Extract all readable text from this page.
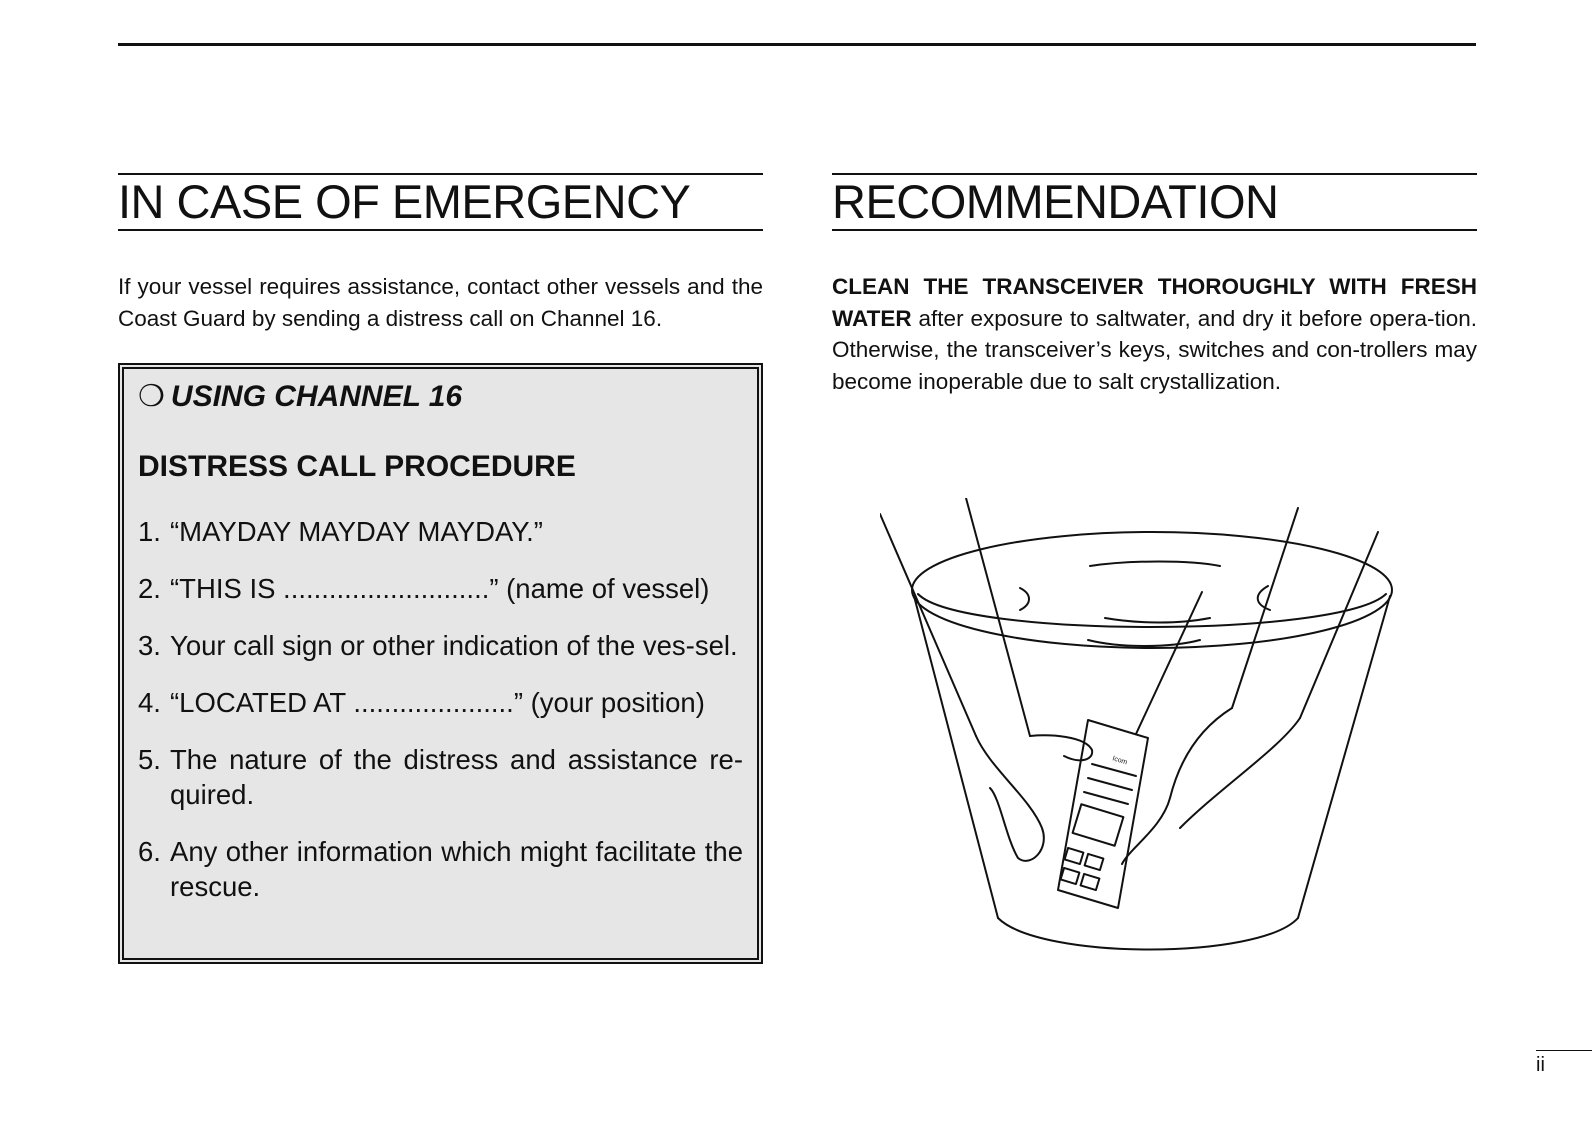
IN CASE OF EMERGENCY

If your vessel requires assistance, contact other vessels and the Coast Guard by sending a distress call on Channel 16.

❍ USING CHANNEL 16
DISTRESS CALL PROCEDURE
1. “MAYDAY MAYDAY MAYDAY.”
2. “THIS IS ...........................” (name of vessel)
3. Your call sign or other indication of the ves-sel.
4. “LOCATED AT .....................” (your position)
5. The nature of the distress and assistance re-quired.
6. Any other information which might facilitate the rescue.
RECOMMENDATION

CLEAN THE TRANSCEIVER THOROUGHLY WITH FRESH WATER after exposure to saltwater, and dry it before opera-tion. Otherwise, the transceiver’s keys, switches and con-trollers may become inoperable due to salt crystallization.

Icom
ii
